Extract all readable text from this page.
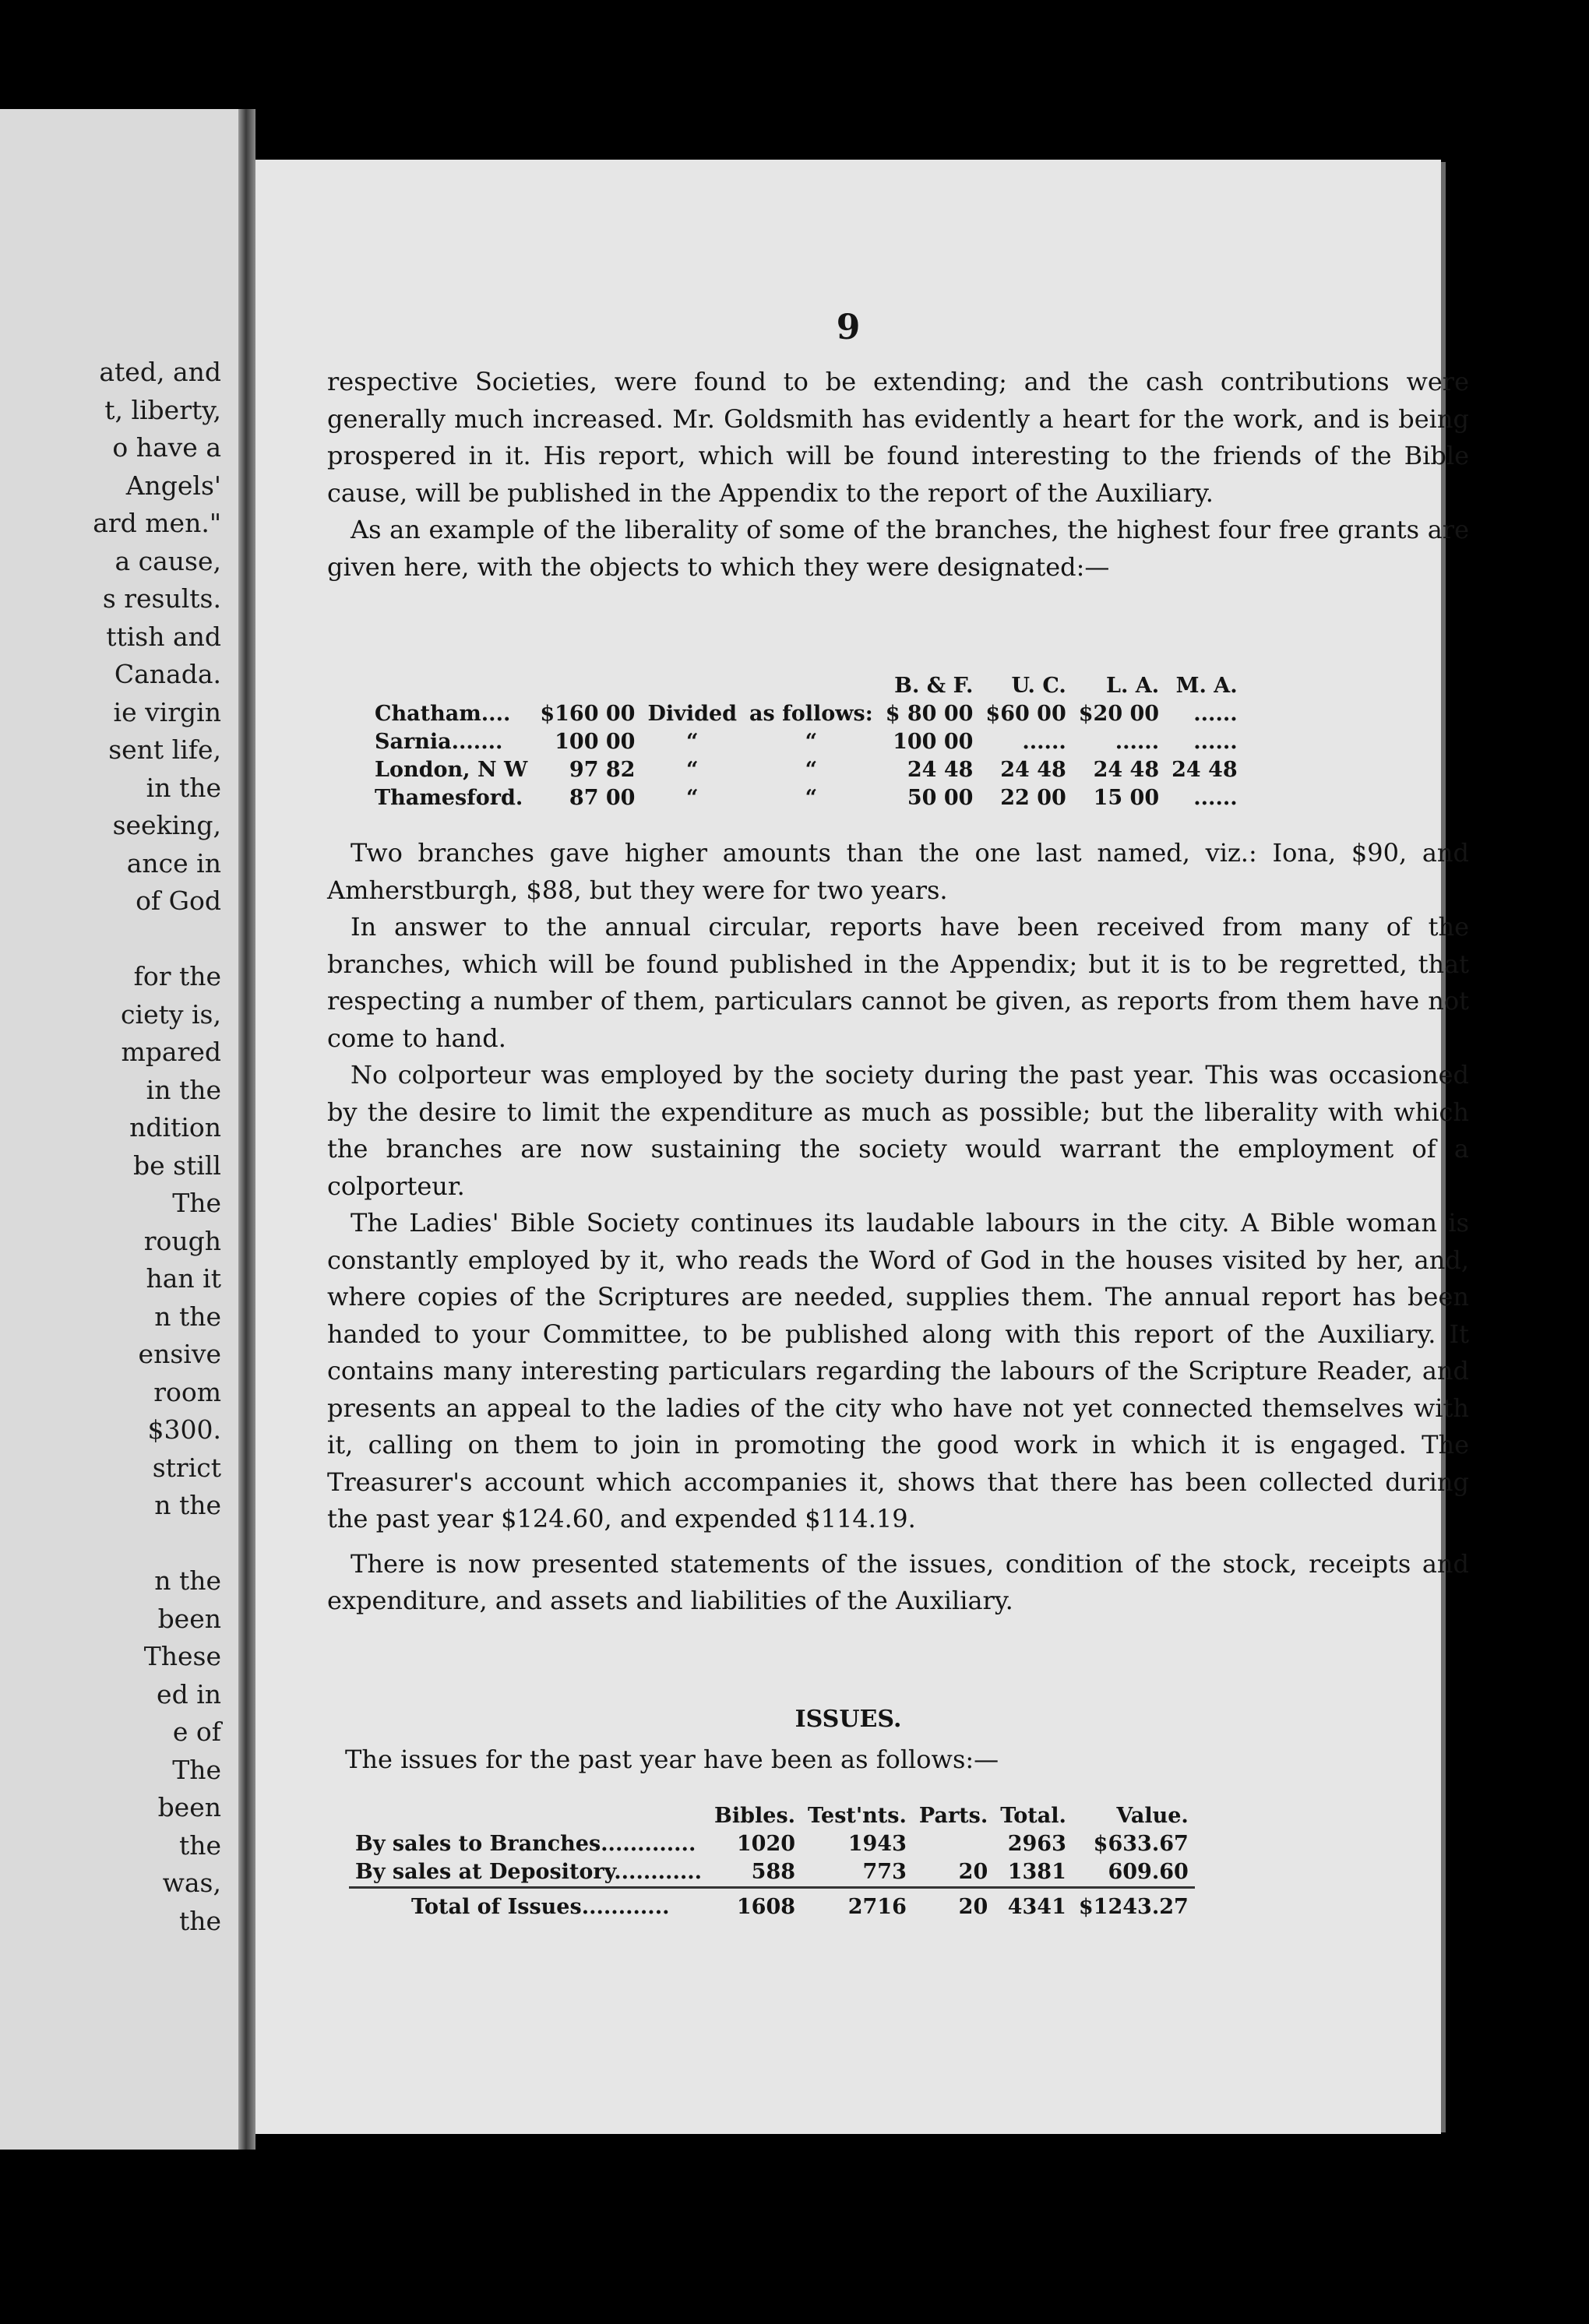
ated, and
t, liberty,
o have a
Angels'
ard men."
a cause,
s results.
ttish and
Canada.
ie virgin
sent life,
in the
seeking,
ance in
of God
for the
ciety is,
mpared
in the
ndition
be still
The
rough
han it
n the
ensive
room
$300.
strict
n the
n the
been
These
ed in
e of
The
been
the
was,
the
9

respective Societies, were found to be extending; and the cash contributions were generally much increased. Mr. Goldsmith has evidently a heart for the work, and is being prospered in it. His report, which will be found interesting to the friends of the Bible cause, will be published in the Appendix to the report of the Auxiliary.

As an example of the liberality of some of the branches, the highest four free grants are given here, with the objects to which they were designated:—

				B. & F.	U. C.	L. A.	M. A.
Chatham....	$160 00	Divided	as follows:	$ 80 00	$60 00	$20 00	......
Sarnia.......	100 00	“	“	100 00	......	......	......
London, N W	97 82	“	“	24 48	24 48	24 48	24 48
Thamesford.	87 00	“	“	50 00	22 00	15 00	......

Two branches gave higher amounts than the one last named, viz.: Iona, $90, and Amherstburgh, $88, but they were for two years.

In answer to the annual circular, reports have been received from many of the branches, which will be found published in the Appendix; but it is to be regretted, that respecting a number of them, particulars cannot be given, as reports from them have not come to hand.

No colporteur was employed by the society during the past year. This was occasioned by the desire to limit the expenditure as much as possible; but the liberality with which the branches are now sustaining the society would warrant the employment of a colporteur.

The Ladies' Bible Society continues its laudable labours in the city. A Bible woman is constantly employed by it, who reads the Word of God in the houses visited by her, and, where copies of the Scriptures are needed, supplies them. The annual report has been handed to your Committee, to be published along with this report of the Auxiliary. It contains many interesting particulars regarding the labours of the Scripture Reader, and presents an appeal to the ladies of the city who have not yet connected themselves with it, calling on them to join in promoting the good work in which it is engaged. The Treasurer's account which accompanies it, shows that there has been collected during the past year $124.60, and expended $114.19.

There is now presented statements of the issues, condition of the stock, receipts and expenditure, and assets and liabilities of the Auxiliary.

ISSUES.
The issues for the past year have been as follows:—
	Bibles.	Test'nts.	Parts.	Total.	Value.
By sales to Branches.............	1020	1943		2963	$633.67
By sales at Depository............	588	773	20	1381	609.60
Total of Issues............	1608	2716	20	4341	$1243.27
